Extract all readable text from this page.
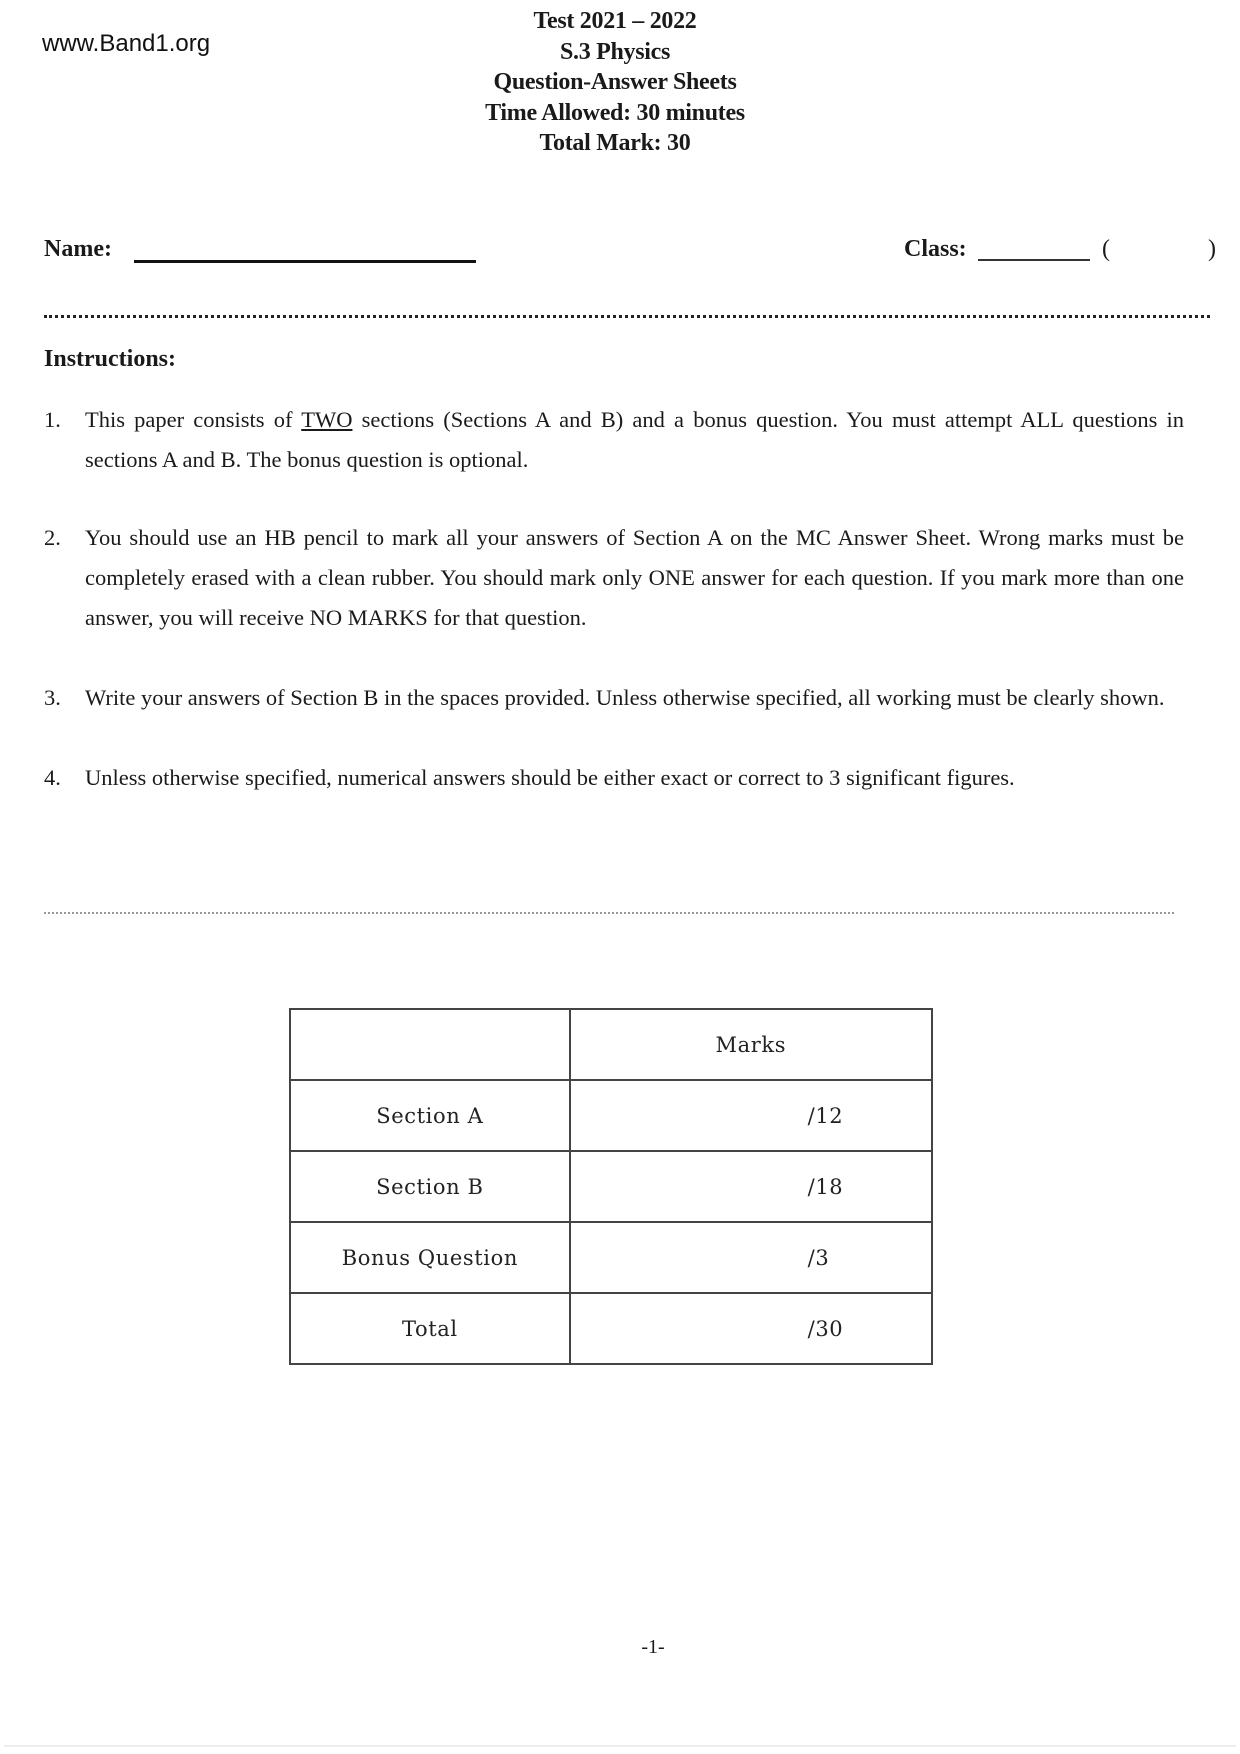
www.Band1.org
Test 2021 – 2022
S.3 Physics
Question-Answer Sheets
Time Allowed: 30 minutes
Total Mark: 30
Name:	Class:	(	)
Instructions:
1. This paper consists of TWO sections (Sections A and B) and a bonus question. You must attempt ALL questions in sections A and B. The bonus question is optional.
2. You should use an HB pencil to mark all your answers of Section A on the MC Answer Sheet. Wrong marks must be completely erased with a clean rubber. You should mark only ONE answer for each question. If you mark more than one answer, you will receive NO MARKS for that question.
3. Write your answers of Section B in the spaces provided. Unless otherwise specified, all working must be clearly shown.
4. Unless otherwise specified, numerical answers should be either exact or correct to 3 significant figures.
	Marks
Section A	/12
Section B	/18
Bonus Question	/3
Total	/30
-1-
